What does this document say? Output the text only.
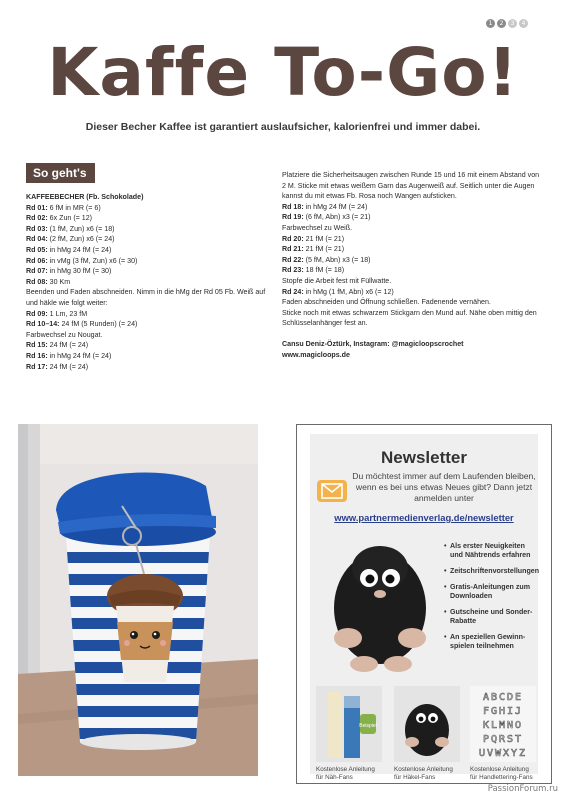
1	2	3	4
Kaffe To-Go!

Dieser Becher Kaffee ist garantiert auslaufsicher, kalorienfrei und immer dabei.

So geht's

KAFFEEBECHER (Fb. Schokolade)

Rd 01: 6 fM in MR (= 6)

Rd 02: 6x Zun (= 12)

Rd 03: (1 fM, Zun) x6 (= 18)

Rd 04: (2 fM, Zun) x6 (= 24)

Rd 05: in hMg 24 fM (= 24)

Rd 06: in vMg (3 fM, Zun) x6 (= 30)

Rd 07: in hMg 30 fM (= 30)

Rd 08: 30 Km

Beenden und Faden abschneiden. Nimm in die hMg der Rd 05 Fb. Weiß auf und häkle wie folgt weiter:

Rd 09: 1 Lm, 23 fM

Rd 10–14: 24 fM (5 Runden) (= 24)

Farbwechsel zu Nougat.

Rd 15: 24 fM (= 24)

Rd 16: in hMg 24 fM (= 24)

Rd 17: 24 fM (= 24)

Platziere die Sicherheitsaugen zwischen Runde 15 und 16 mit einem Abstand von 2 M. Sticke mit etwas weißem Garn das Augenweiß auf. Seitlich unter die Augen kannst du mit etwas Fb. Rosa noch Wangen aufsticken.

Rd 18: in hMg 24 fM (= 24)

Rd 19: (6 fM, Abn) x3 (= 21)

Farbwechsel zu Weiß.

Rd 20: 21 fM (= 21)

Rd 21: 21 fM (= 21)

Rd 22: (5 fM, Abn) x3 (= 18)

Rd 23: 18 fM (= 18)

Stopfe die Arbeit fest mit Füllwatte.

Rd 24: in hMg (1 fM, Abn) x6 (= 12)

Faden abschneiden und Öffnung schließen. Fadenende vernähen.

Sticke noch mit etwas schwarzem Stickgarn den Mund auf. Nähe oben mittig den Schlüsselanhänger fest an.

Cansu Deniz-Öztürk, Instagram: @magicloopscrochet

www.magicloops.de

Newsletter
Du möchtest immer auf dem Laufenden bleiben, wenn es bei uns etwas Neues gibt? Dann jetzt anmelden unter
www.partnermedienverlag.de/newsletter
• Als erster Neuigkeiten und Nähtrends erfahren
• Zeitschriftenvorstellungen
• Gratis-Anleitungen zum Downloaden
• Gutscheine und Sonder-Rabatte
• An speziellen Gewinn-spielen teilnehmen
Beispiel
ABCDE
FGHIJ
KLMNO
PQRST
UVWXYZ
Kostenlose Anleitung für Näh-Fans
Kostenlose Anleitung für Häkel-Fans
Kostenlose Anleitung für Handlettering-Fans
PassionForum.ru
